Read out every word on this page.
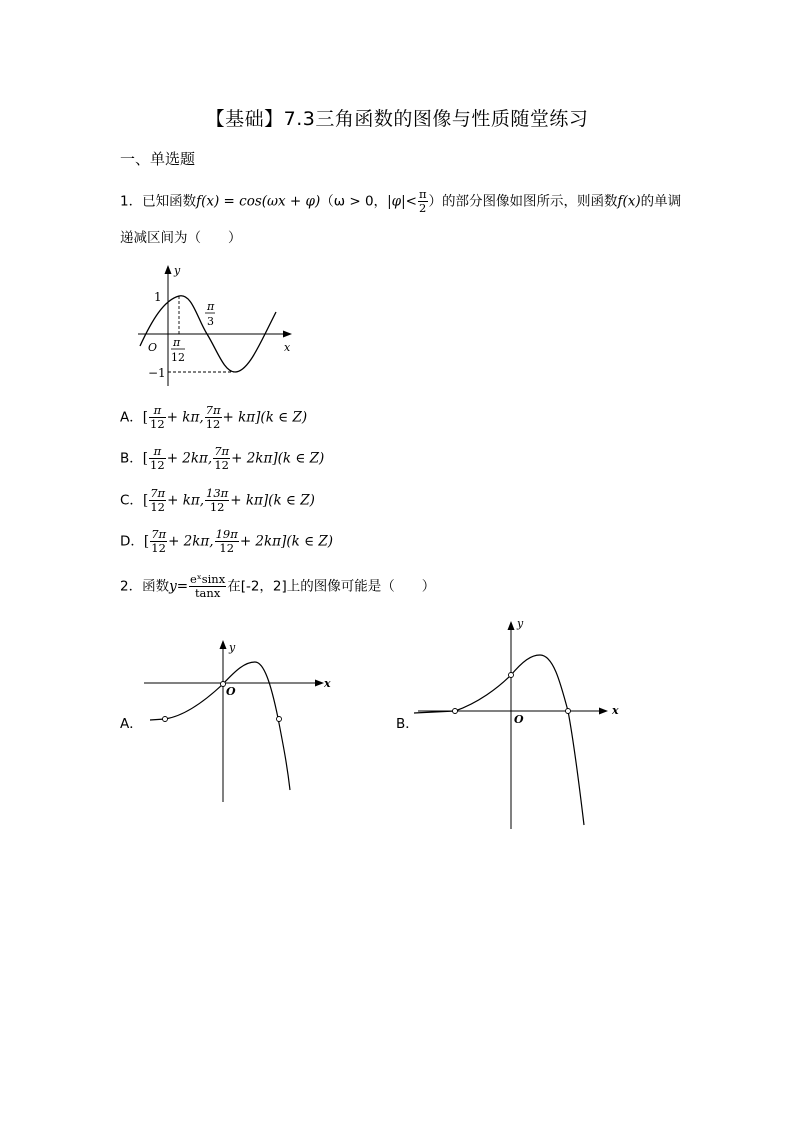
【基础】7.3三角函数的图像与性质随堂练习
一、单选题
1．已知函数f(x) = cos(ωx + φ)（ω > 0，$|\varphi|< \frac{\pi}{2}$ ）的部分图像如图所示，则函数f(x)的单调
递减区间为（　　）
y
x
O
1
−1
π
12
π
3
A．[ $\frac{\pi}{12} + k\pi$, $\frac{7\pi}{12} + k\pi](k$ ∈ Z)
B．[ $\frac{\pi}{12} + 2k\pi$, $\frac{7\pi}{12} + 2k\pi](k$ ∈ Z)
C．[ $\frac{7\pi}{12} + k\pi$, $\frac{13\pi}{12} + k\pi](k$ ∈ Z)
D．[ $\frac{7\pi}{12} + 2k\pi$, $\frac{19\pi}{12} + 2k\pi](k$ ∈ Z)
2．函数$y= \frac{\text{eˣsinx}}{\tan x}$ 在[-2，2]上的图像可能是（　　）
A．
y
x
O
B．
y
x
O
